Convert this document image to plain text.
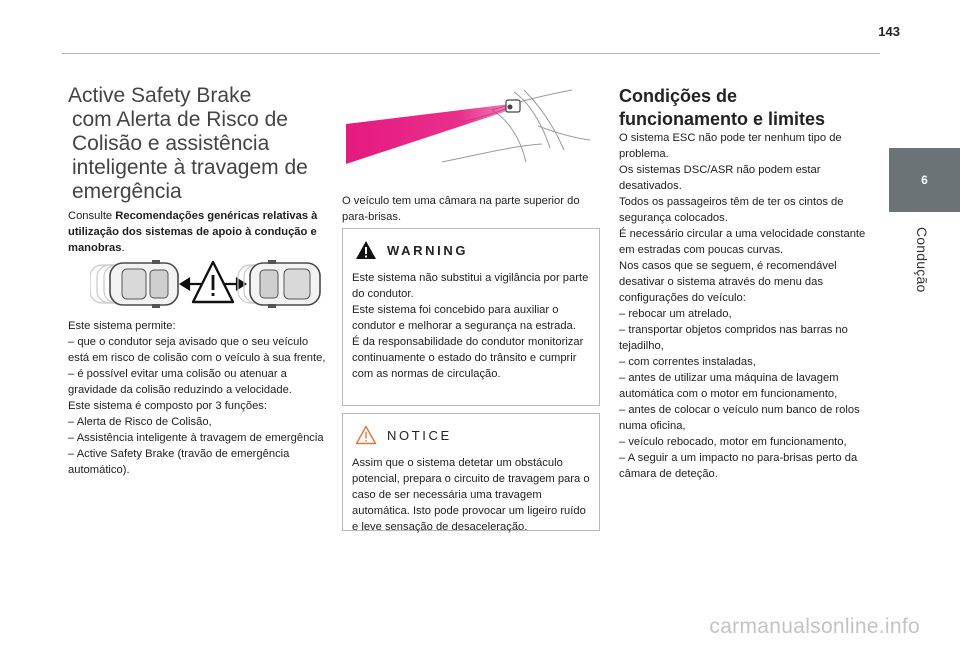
143
6
Condução
Active Safety Brake
com Alerta de Risco de
Colisão e assistência
inteligente à travagem de
emergência
Consulte Recomendações genéricas relativas à utilização dos sistemas de apoio à condução e manobras.

Este sistema permite:

– que o condutor seja avisado que o seu veículo está em risco de colisão com o veículo à sua frente,

– é possível evitar uma colisão ou atenuar a gravidade da colisão reduzindo a velocidade.

Este sistema é composto por 3 funções:

– Alerta de Risco de Colisão,

– Assistência inteligente à travagem de emergência

– Active Safety Brake (travão de emergência automático).

O veículo tem uma câmara na parte superior do para-brisas.
WARNING

Este sistema não substitui a vigilância por parte do condutor.

Este sistema foi concebido para auxiliar o condutor e melhorar a segurança na estrada.

É da responsabilidade do condutor monitorizar continuamente o estado do trânsito e cumprir com as normas de circulação.

NOTICE

Assim que o sistema detetar um obstáculo potencial, prepara o circuito de travagem para o caso de ser necessária uma travagem automática. Isto pode provocar um ligeiro ruído e leve sensação de desaceleração.

Condições de
funcionamento e limites

O sistema ESC não pode ter nenhum tipo de problema.

Os sistemas DSC/ASR não podem estar desativados.

Todos os passageiros têm de ter os cintos de segurança colocados.

É necessário circular a uma velocidade constante em estradas com poucas curvas.

Nos casos que se seguem, é recomendável desativar o sistema através do menu das configurações do veículo:

– rebocar um atrelado,

– transportar objetos compridos nas barras no tejadilho,

– com correntes instaladas,

– antes de utilizar uma máquina de lavagem automática com o motor em funcionamento,

– antes de colocar o veículo num banco de rolos numa oficina,

– veículo rebocado, motor em funcionamento,

– A seguir a um impacto no para-brisas perto da câmara de deteção.

carmanualsonline.info
